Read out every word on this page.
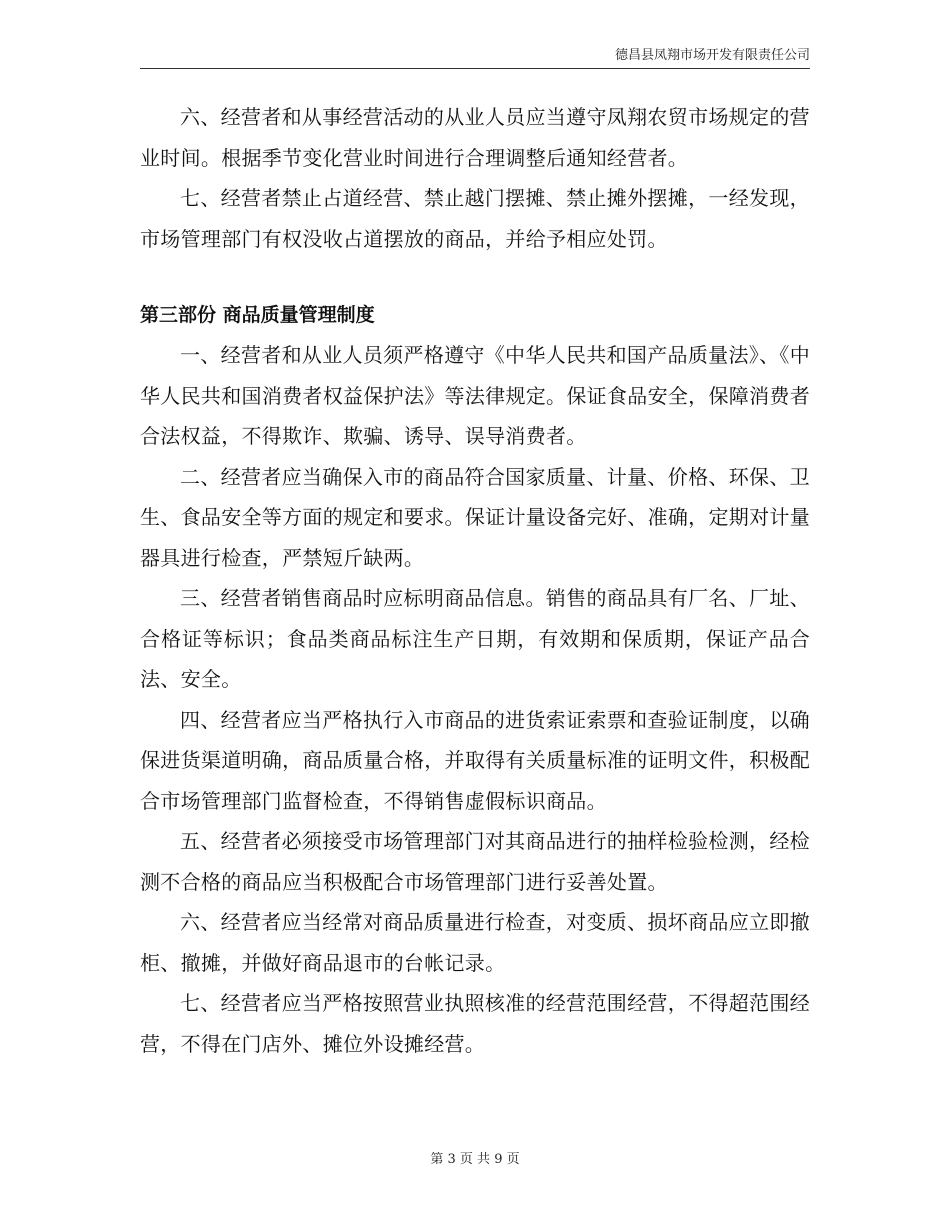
德昌县凤翔市场开发有限责任公司

六、经营者和从事经营活动的从业人员应当遵守凤翔农贸市场规定的营业时间。根据季节变化营业时间进行合理调整后通知经营者。

七、经营者禁止占道经营、禁止越门摆摊、禁止摊外摆摊，一经发现，市场管理部门有权没收占道摆放的商品，并给予相应处罚。

第三部份 商品质量管理制度

一、经营者和从业人员须严格遵守《中华人民共和国产品质量法》、《中华人民共和国消费者权益保护法》等法律规定。保证食品安全，保障消费者合法权益，不得欺诈、欺骗、诱导、误导消费者。

二、经营者应当确保入市的商品符合国家质量、计量、价格、环保、卫生、食品安全等方面的规定和要求。保证计量设备完好、准确，定期对计量器具进行检查，严禁短斤缺两。

三、经营者销售商品时应标明商品信息。销售的商品具有厂名、厂址、合格证等标识；食品类商品标注生产日期，有效期和保质期，保证产品合法、安全。

四、经营者应当严格执行入市商品的进货索证索票和查验证制度，以确保进货渠道明确，商品质量合格，并取得有关质量标准的证明文件，积极配合市场管理部门监督检查，不得销售虚假标识商品。

五、经营者必须接受市场管理部门对其商品进行的抽样检验检测，经检测不合格的商品应当积极配合市场管理部门进行妥善处置。

六、经营者应当经常对商品质量进行检查，对变质、损坏商品应立即撤柜、撤摊，并做好商品退市的台帐记录。

七、经营者应当严格按照营业执照核准的经营范围经营，不得超范围经营，不得在门店外、摊位外设摊经营。

第 3 页 共 9 页
